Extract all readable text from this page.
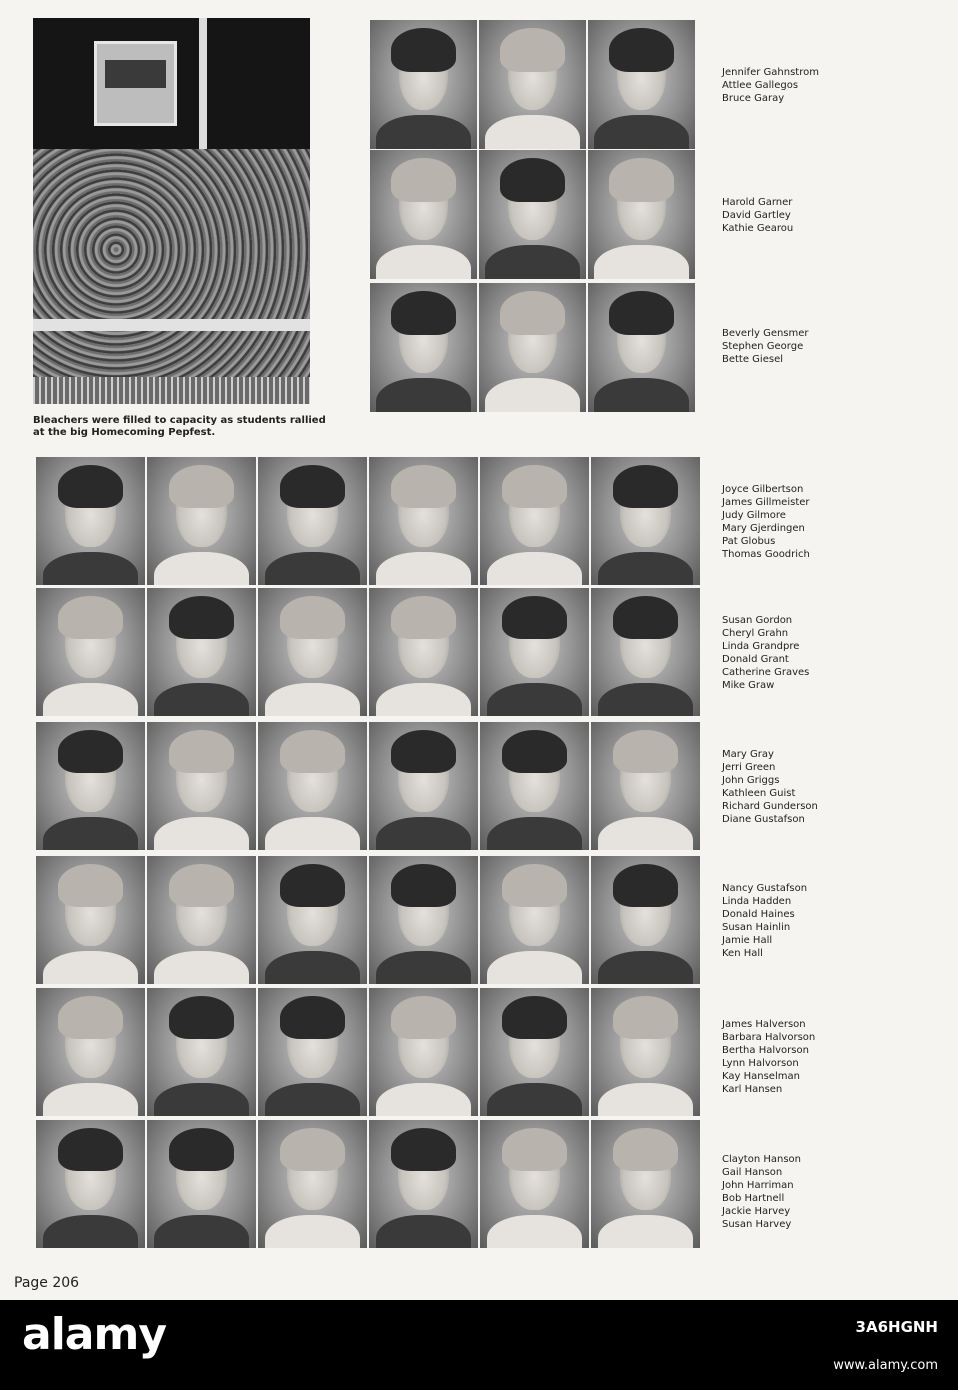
Bleachers were filled to capacity as students rallied
at the big Homecoming Pepfest.
Page 206
Jennifer Gahnstrom
Attlee Gallegos
Bruce Garay
Harold Garner
David Gartley
Kathie Gearou
Beverly Gensmer
Stephen George
Bette Giesel
Joyce Gilbertson
James Gillmeister
Judy Gilmore
Mary Gjerdingen
Pat Globus
Thomas Goodrich
Susan Gordon
Cheryl Grahn
Linda Grandpre
Donald Grant
Catherine Graves
Mike Graw
Mary Gray
Jerri Green
John Griggs
Kathleen Guist
Richard Gunderson
Diane Gustafson
Nancy Gustafson
Linda Hadden
Donald Haines
Susan Hainlin
Jamie Hall
Ken Hall
James Halverson
Barbara Halvorson
Bertha Halvorson
Lynn Halvorson
Kay Hanselman
Karl Hansen
Clayton Hanson
Gail Hanson
John Harriman
Bob Hartnell
Jackie Harvey
Susan Harvey
alamy	3A6HGNH
www.alamy.com
